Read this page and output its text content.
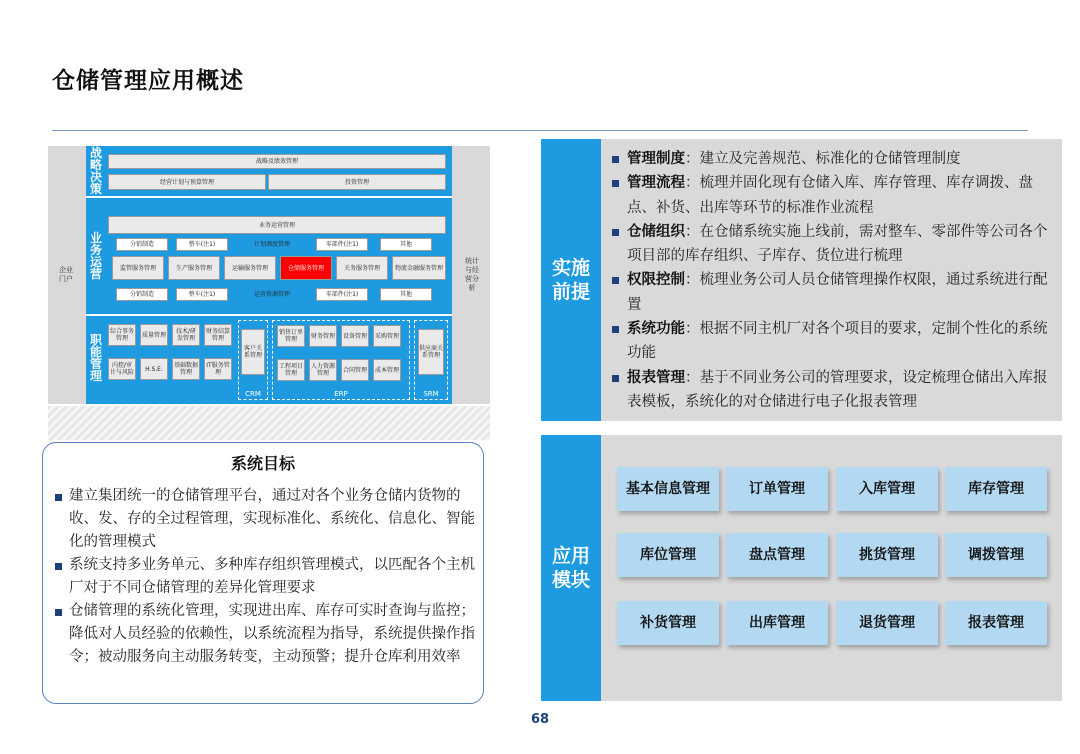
仓储管理应用概述
企业门户
战略决策
战略及绩效管理
经营计划与预算管理	投资管理
业务运营
业务运营管理
分销制造	整车(注1)	计划调度管理	零部件(注1)	其他
监管服务管理	生产服务管理	运输服务管理	仓储服务管理	关务服务管理	物流金融服务管理
分销制造	整车(注1)	运营资源管理	零部件(注1)	其他
职能管理
综合事务管理	质量管理	技术/研发管理
财务结算管理
内控/审计与风险	H.S.E.	基础数据管理
IT服务管理
客户关系管理
CRM
销售订单管理	财务管理	设备管理	采购管理
工程项目管理
人力资源管理	合同管理	成本管理
ERP
供应商关系管理
SRM
统计与经营分析
系统目标
建立集团统一的仓储管理平台，通过对各个业务仓储内货物的收、发、存的全过程管理，实现标准化、系统化、信息化、智能化的管理模式
系统支持多业务单元、多种库存组织管理模式，以匹配各个主机厂对于不同仓储管理的差异化管理要求
仓储管理的系统化管理，实现进出库、库存可实时查询与监控；降低对人员经验的依赖性，以系统流程为指导，系统提供操作指令；被动服务向主动服务转变，主动预警；提升仓库利用效率
实施前提
管理制度：建立及完善规范、标准化的仓储管理制度
管理流程：梳理并固化现有仓储入库、库存管理、库存调拨、盘点、补货、出库等环节的标准作业流程
仓储组织：在仓储系统实施上线前，需对整车、零部件等公司各个项目部的库存组织、子库存、货位进行梳理
权限控制：梳理业务公司人员仓储管理操作权限，通过系统进行配置
系统功能：根据不同主机厂对各个项目的要求，定制个性化的系统功能
报表管理：基于不同业务公司的管理要求，设定梳理仓储出入库报表模板，系统化的对仓储进行电子化报表管理
应用模块
基本信息管理	订单管理	入库管理	库存管理
库位管理	盘点管理	挑货管理	调拨管理
补货管理	出库管理	退货管理	报表管理
68
